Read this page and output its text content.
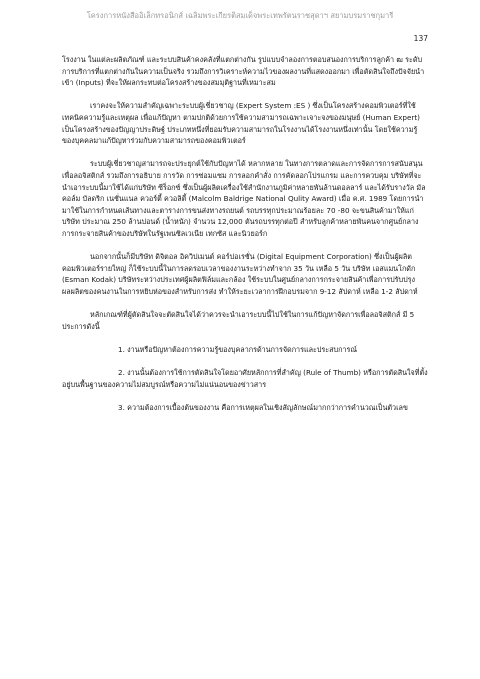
โครงการหนังสืออิเล็กทรอนิกส์ เฉลิมพระเกียรติสมเด็จพระเทพรัตนราชสุดาฯ สยามบรมราชกุมารี
137

โรงงาน ในแต่ละผลิตภัณฑ์ และระบบสินค้าคงคลังที่แตกต่างกัน รูปแบบจำลองการตอบสนองการบริการลูกค้า ฒ ระดับการบริการที่แตกต่างกันในความเป็นจริง รวมถึงการวิเคราะห์ความไวของผลงานที่แสดงออกมา เพื่อตัดสินใจถึงปัจจัยนำเข้า (Inputs) ที่จะให้ผลกระทบต่อโครงสร้างของสมมุติฐานที่เหมาะสม

เราคงจะให้ความสำคัญเฉพาะระบบผู้เชี่ยวชาญ (Expert System :ES ) ซึ่งเป็นโครงสร้างคอมพิวเตอร์ที่ใช้เทคนิคความรู้และเหตุผล เพื่อแก้ปัญหา ตามปกติด้วยการใช้ความสามารถเฉพาะเจาะจงของมนุษย์ (Human Expert) เป็นโครงสร้างของปัญญาประดิษฐ์ ประเภทหนึ่งที่ยอมรับความสามารถในโรงงานได้โรงงานหนึ่งเท่านั้น โดยใช้ความรู้ของบุคคลมาแก้ปัญหาร่วมกับความสามารถของคอมพิวเตอร์

ระบบผู้เชี่ยวชาญสามารถจะประยุกต์ใช้กับปัญหาได้ หลากหลาย ในทางการตลาดและการจัดการการสนับสนุนเพื่อลอจิสติกส์ รวมถึงการอธิบาย การวัด การซ่อมแซม การลอกคำสั่ง การคัดลอกโปรแกรม และการควบคุม บริษัทที่จะนำเอาระบบนี้มาใช้ได้แก่บริษัท ซีร็อกซ์ ซึ่งเป็นผู้ผลิตเครื่องใช้สำนักงานภูมิค่าหลายพันล้านดอลลาร์ และได้รับรางวัล มัลคอล์ม บัลดริก เนชั่นแนล ควอร์ตี้ ควอลิตี้ (Malcolm Baldrige National Qulity Award) เมื่อ ค.ศ. 1989 โดยการนำมาใช้ในการกำหนดเส้นทางและตารางการขนส่งทางรถยนต์ รถบรรทุกประมาณร้อยละ 70 -80 จะขนสินค้ามาให้แก่บริษัท ประมาณ 250 ล้านปอนด์ (น้ำหนัก) จำนวน 12,000 ตันรถบรรทุกต่อปี สำหรับลูกค้าหลายพันคนจากศูนย์กลางการกระจายสินค้าของบริษัทในรัฐเพนซิลเวเนีย เทกซัส และนิวยอร์ก

นอกจากนั้นก็มีบริษัท ดิจิตอล อิควิปเมนต์ คอร์ปอเรชั่น (Digital Equipment Corporation) ซึ่งเป็นผู้ผลิตคอมพิวเตอร์รายใหญ่ ก็ใช้ระบบนี้ในการลดรอบเวลาของงานระหว่างทำจาก 35 วัน เหลือ 5 วัน บริษัท เอสแมนโกดัก (Esman Kodak) บริษัทระหว่างประเทศผู้ผลิตฟิล์มและกล้อง ใช้ระบบในศูนย์กลางการกระจายสินค้าเพื่อการปรับปรุงผลผลิตของคนงานในการหยิบห่อของสำหรับการส่ง ทำให้ระยะเวลาการฝึกอบรมจาก 9-12 สัปดาห์ เหลือ 1-2 สัปดาห์

หลักเกณฑ์ที่ผู้ตัดสินใจจะตัดสินใจได้ว่าควรจะนำเอาระบบนี้ไปใช้ในการแก้ปัญหาจัดการเพื่อลอจิสติกส์ มี 5 ประการดังนี้

1. งานหรือปัญหาต้องการความรู้ของบุคลากรด้านการจัดการและประสบการณ์

2. งานนั้นต้องการใช้การตัดสินใจโดยอาศัยหลักการที่สำคัญ (Rule of Thumb) หรือการตัดสินใจที่ตั้งอยู่บนพื้นฐานของความไม่สมบูรณ์หรือความไม่แน่นอนของข่าวสาร

3. ความต้องการเบื้องต้นของงาน คือการเหตุผลในเชิงสัญลักษณ์มากกว่าการคำนวณเป็นตัวเลข
